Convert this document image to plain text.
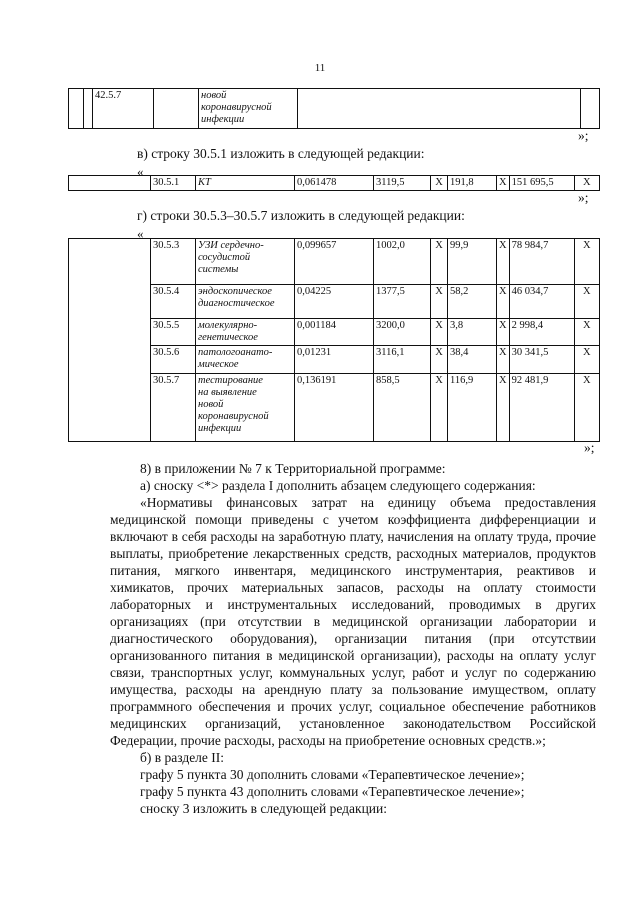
11
		42.5.7		новой
коронавирусной
инфекции

»;
в) строку 30.5.1 изложить в следующей редакции:
«
	30.5.1	КТ	0,061478	3119,5	Х	191,8	Х	151 695,5	Х
»;
г) строки 30.5.3–30.5.7 изложить в следующей редакции:
«
	30.5.3	УЗИ сердечно-
сосудистой
системы	0,099657	1002,0	Х	99,9	Х	78 984,7	Х
	30.5.4	эндоскопическое
диагностическое	0,04225	1377,5	Х	58,2	Х	46 034,7	Х
	30.5.5	молекулярно-
генетическое	0,001184	3200,0	Х	3,8	Х	2 998,4	Х
	30.5.6	патологоанато-
мическое	0,01231	3116,1	Х	38,4	Х	30 341,5	Х
	30.5.7	тестирование
на выявление
новой
коронавирусной
инфекции	0,136191	858,5	Х	116,9	Х	92 481,9	Х
»;

8) в приложении № 7 к Территориальной программе:

а) сноску <*> раздела I дополнить абзацем следующего содержания:

«Нормативы финансовых затрат на единицу объема предоставления медицинской помощи приведены с учетом коэффициента дифференциации и включают в себя расходы на заработную плату, начисления на оплату труда, прочие выплаты, приобретение лекарственных средств, расходных материалов, продуктов питания, мягкого инвентаря, медицинского инструментария, реактивов и химикатов, прочих материальных запасов, расходы на оплату стоимости лабораторных и инструментальных исследований, проводимых в других организациях (при отсутствии в медицинской организации лаборатории и диагностического оборудования), организации питания (при отсутствии организованного питания в медицинской организации), расходы на оплату услуг связи, транспортных услуг, коммунальных услуг, работ и услуг по содержанию имущества, расходы на арендную плату за пользование имуществом, оплату программного обеспечения и прочих услуг, социальное обеспечение работников медицинских организаций, установленное законодательством Российской Федерации, прочие расходы, расходы на приобретение основных средств.»;

б) в разделе II:

графу 5 пункта 30 дополнить словами «Терапевтическое лечение»;

графу 5 пункта 43 дополнить словами «Терапевтическое лечение»;

сноску 3 изложить в следующей редакции:
